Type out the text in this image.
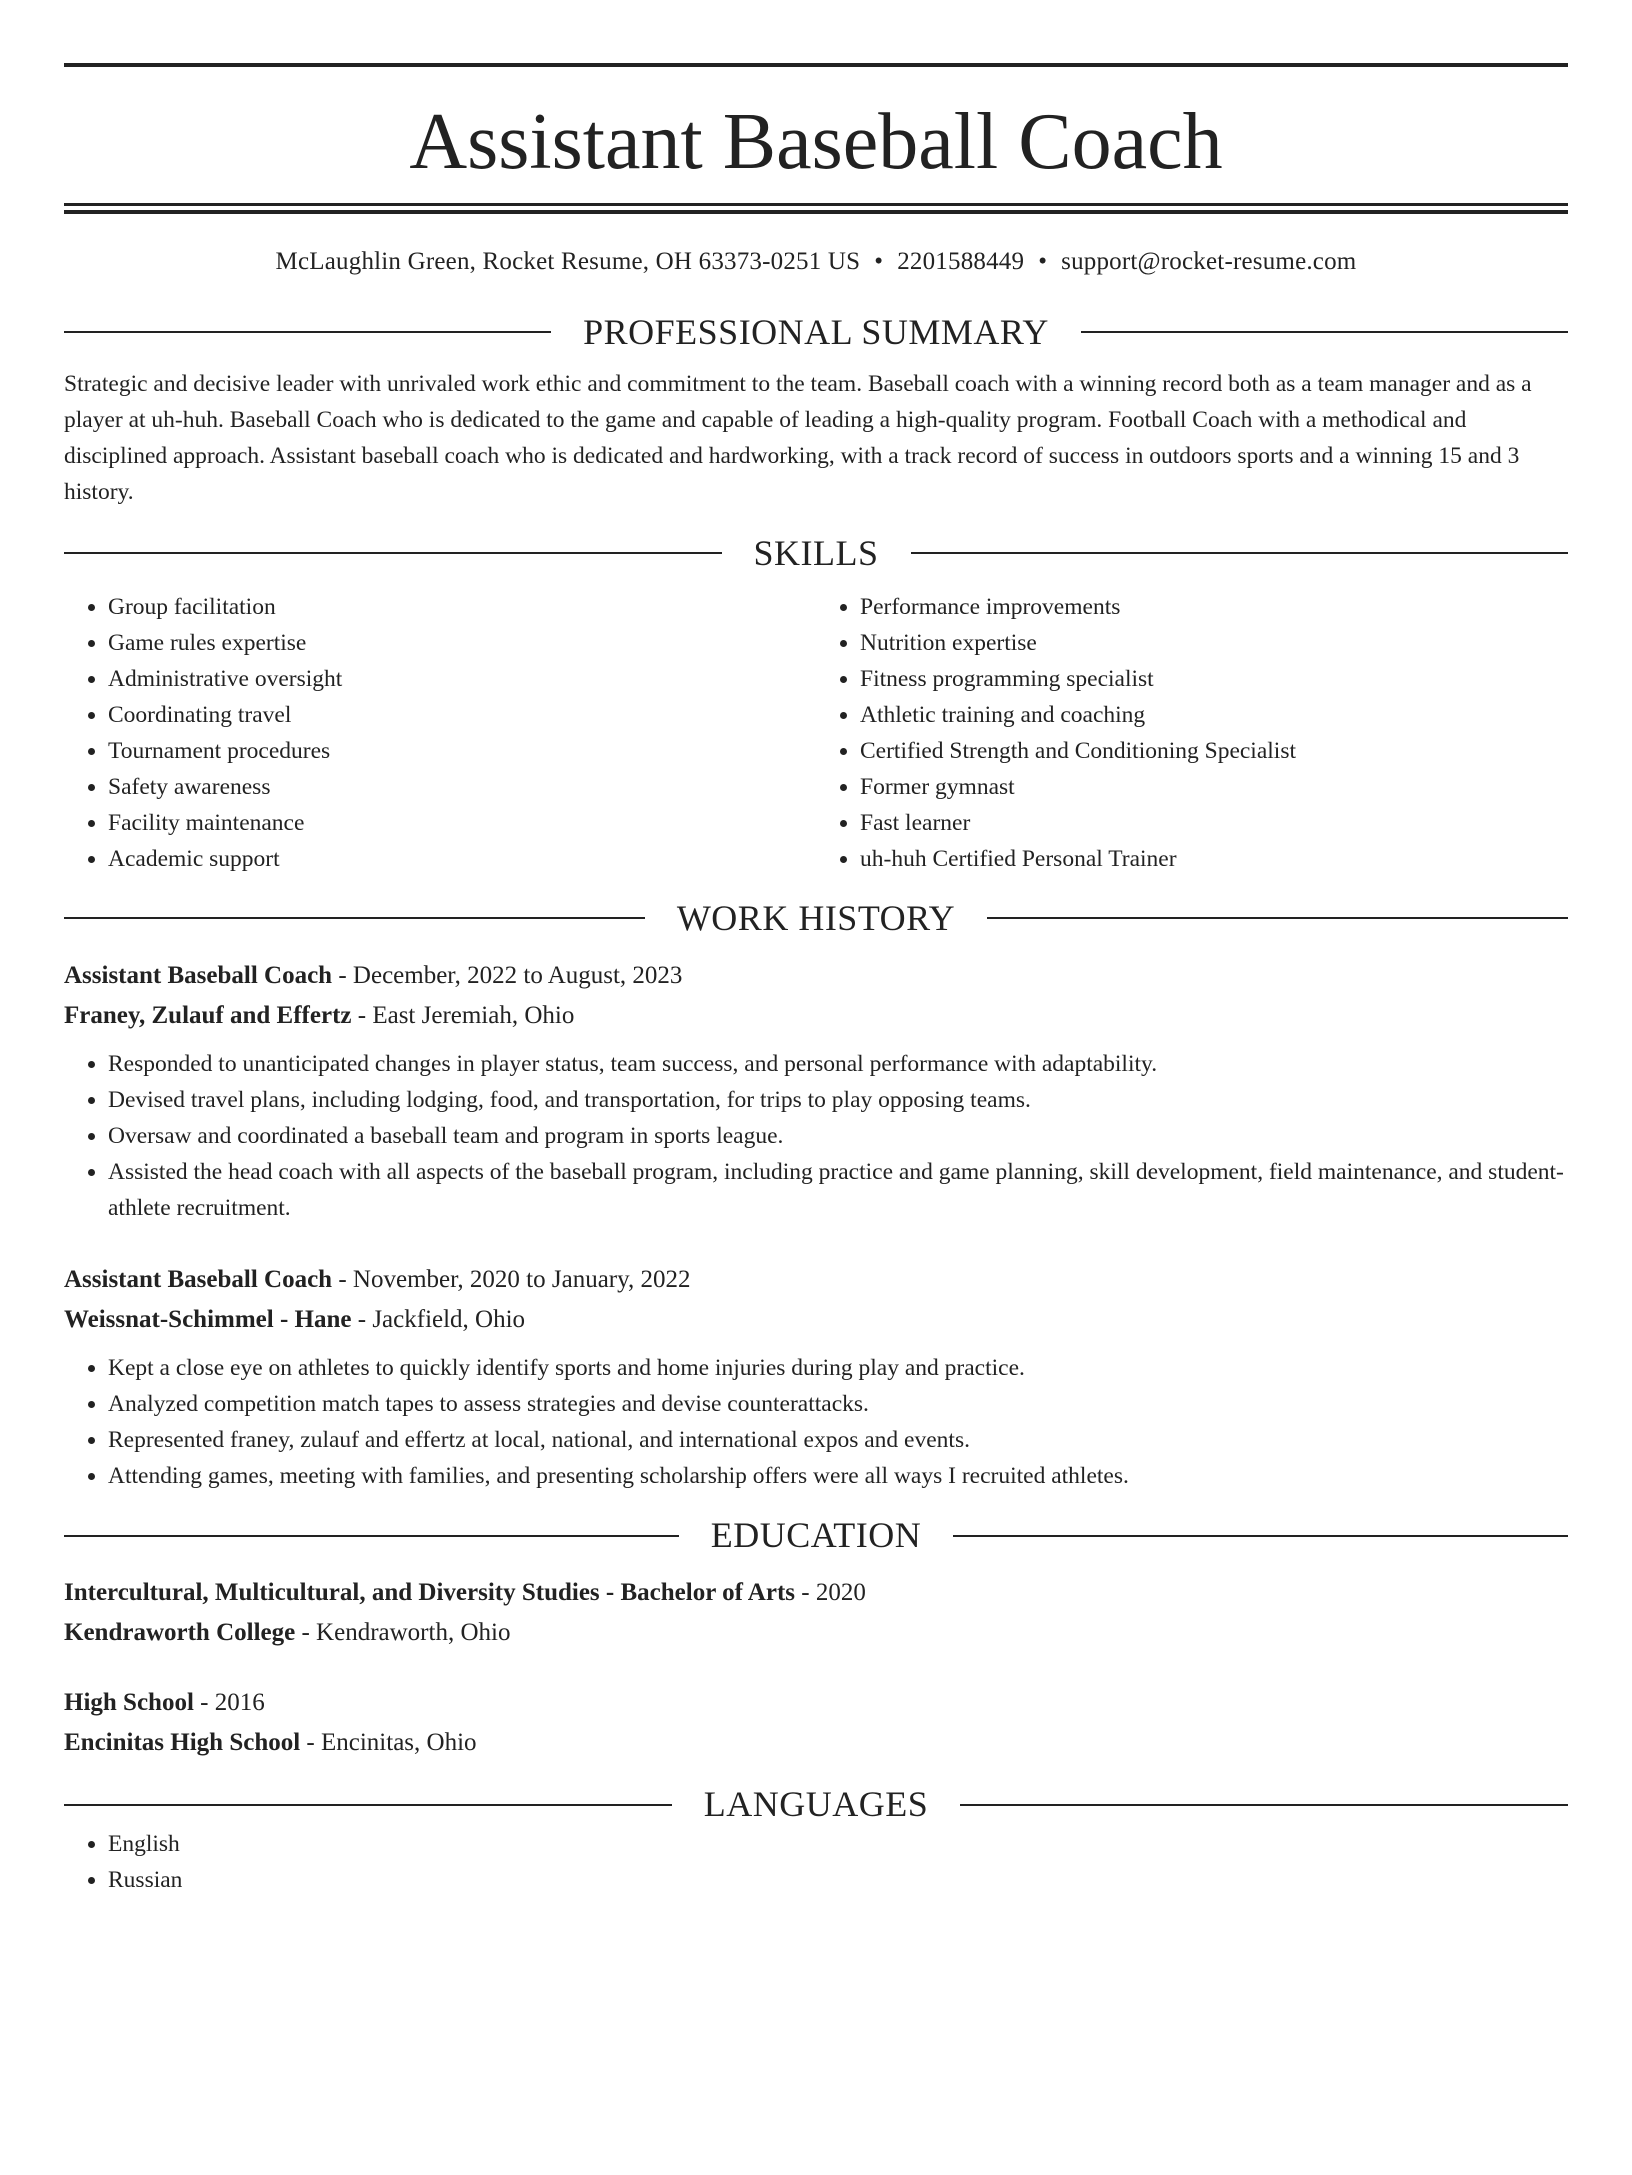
Assistant Baseball Coach
McLaughlin Green, Rocket Resume, OH 63373-0251 US • 2201588449 • support@rocket-resume.com
PROFESSIONAL SUMMARY
Strategic and decisive leader with unrivaled work ethic and commitment to the team. Baseball coach with a winning record both as a team manager and as a player at uh-huh. Baseball Coach who is dedicated to the game and capable of leading a high-quality program. Football Coach with a methodical and disciplined approach. Assistant baseball coach who is dedicated and hardworking, with a track record of success in outdoors sports and a winning 15 and 3 history.
SKILLS
• Group facilitation
• Game rules expertise
• Administrative oversight
• Coordinating travel
• Tournament procedures
• Safety awareness
• Facility maintenance
• Academic support
• Performance improvements
• Nutrition expertise
• Fitness programming specialist
• Athletic training and coaching
• Certified Strength and Conditioning Specialist
• Former gymnast
• Fast learner
• uh-huh Certified Personal Trainer
WORK HISTORY
Assistant Baseball Coach - December, 2022 to August, 2023
Franey, Zulauf and Effertz - East Jeremiah, Ohio
• Responded to unanticipated changes in player status, team success, and personal performance with adaptability.
• Devised travel plans, including lodging, food, and transportation, for trips to play opposing teams.
• Oversaw and coordinated a baseball team and program in sports league.
• Assisted the head coach with all aspects of the baseball program, including practice and game planning, skill development, field maintenance, and student-athlete recruitment.
Assistant Baseball Coach - November, 2020 to January, 2022
Weissnat-Schimmel - Hane - Jackfield, Ohio
• Kept a close eye on athletes to quickly identify sports and home injuries during play and practice.
• Analyzed competition match tapes to assess strategies and devise counterattacks.
• Represented franey, zulauf and effertz at local, national, and international expos and events.
• Attending games, meeting with families, and presenting scholarship offers were all ways I recruited athletes.
EDUCATION
Intercultural, Multicultural, and Diversity Studies - Bachelor of Arts - 2020
Kendraworth College - Kendraworth, Ohio
High School - 2016
Encinitas High School - Encinitas, Ohio
LANGUAGES
• English
• Russian
